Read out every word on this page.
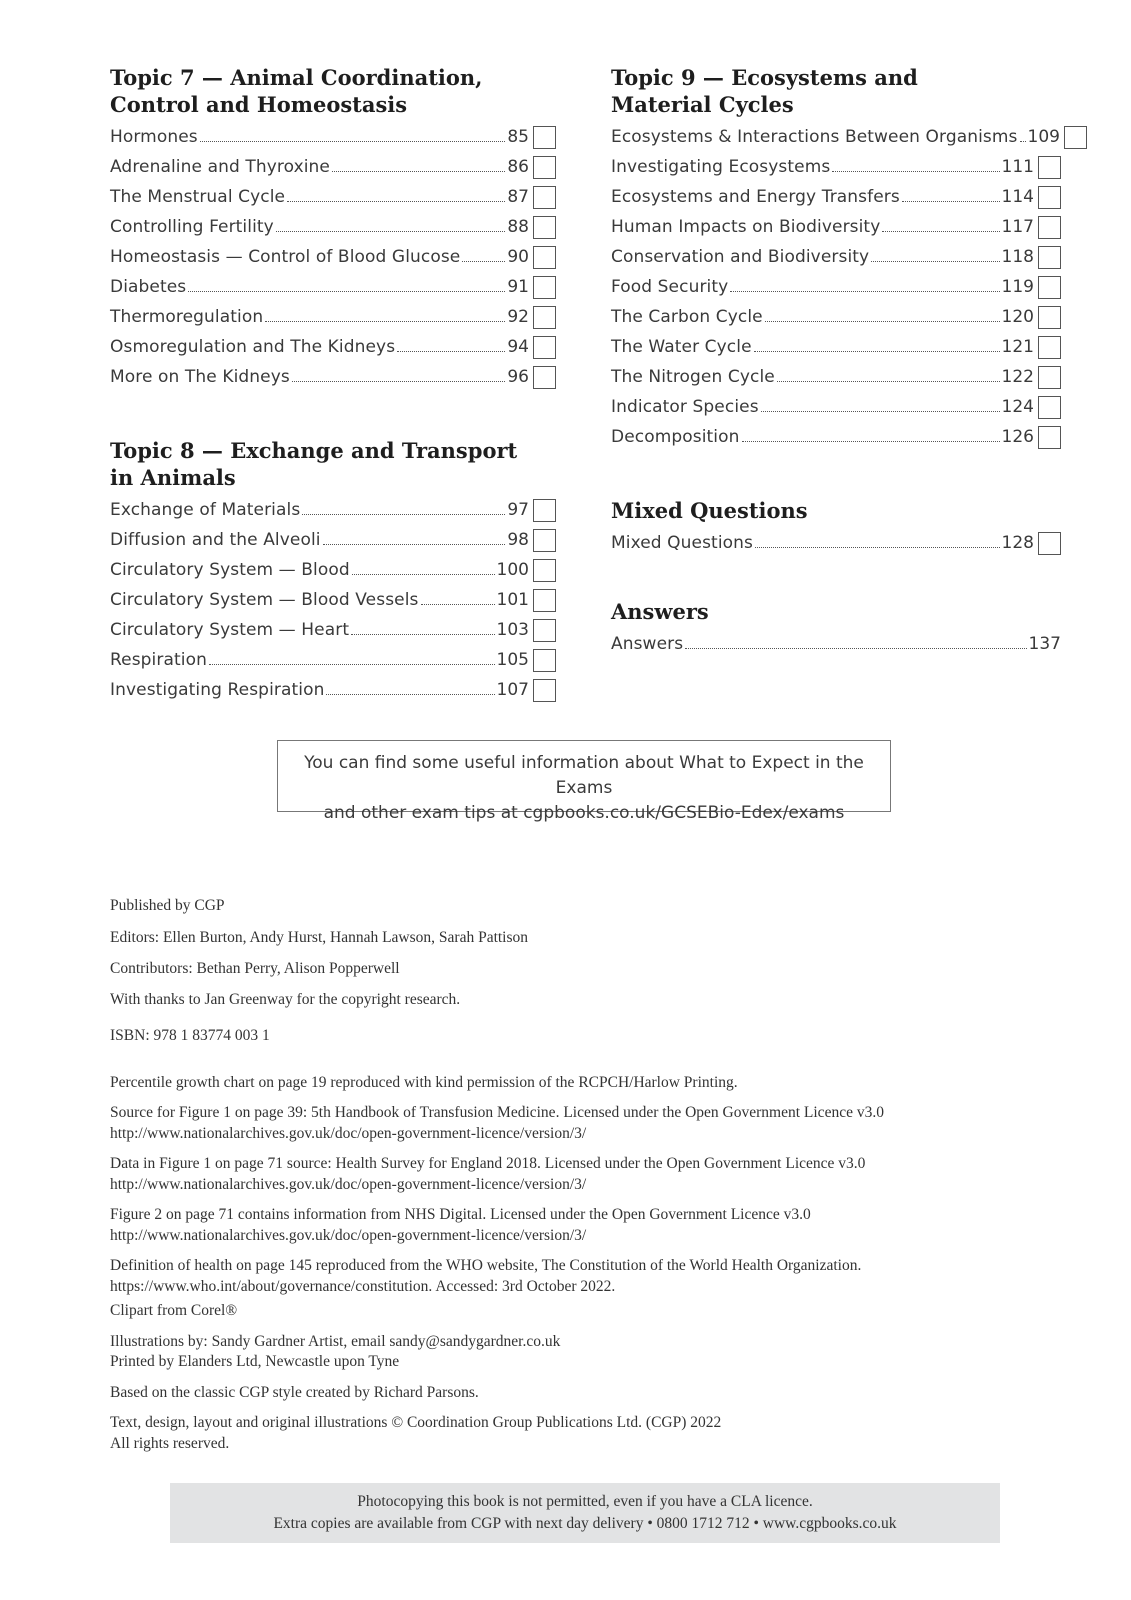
Topic 7 — Animal Coordination,
Control and Homeostasis
Hormones	85
Adrenaline and Thyroxine	86
The Menstrual Cycle	87
Controlling Fertility	88
Homeostasis — Control of Blood Glucose	90
Diabetes	91
Thermoregulation	92
Osmoregulation and The Kidneys	94
More on The Kidneys	96
Topic 8 — Exchange and Transport
in Animals
Exchange of Materials	97
Diffusion and the Alveoli	98
Circulatory System — Blood	100
Circulatory System — Blood Vessels	101
Circulatory System — Heart	103
Respiration	105
Investigating Respiration	107
Topic 9 — Ecosystems and
Material Cycles
Ecosystems & Interactions Between Organisms 109
Investigating Ecosystems	111
Ecosystems and Energy Transfers	114
Human Impacts on Biodiversity	117
Conservation and Biodiversity	118
Food Security	119
The Carbon Cycle	120
The Water Cycle	121
The Nitrogen Cycle	122
Indicator Species	124
Decomposition	126
Mixed Questions
Mixed Questions	128
Answers
Answers	137
You can find some useful information about What to Expect in the Exams
and other exam tips at cgpbooks.co.uk/GCSEBio-Edex/exams

Published by CGP

Editors: Ellen Burton, Andy Hurst, Hannah Lawson, Sarah Pattison

Contributors: Bethan Perry, Alison Popperwell

With thanks to Jan Greenway for the copyright research.

ISBN: 978 1 83774 003 1

Percentile growth chart on page 19 reproduced with kind permission of the RCPCH/Harlow Printing.

Source for Figure 1 on page 39: 5th Handbook of Transfusion Medicine. Licensed under the Open Government Licence v3.0

http://www.nationalarchives.gov.uk/doc/open-government-licence/version/3/

Data in Figure 1 on page 71 source: Health Survey for England 2018. Licensed under the Open Government Licence v3.0

http://www.nationalarchives.gov.uk/doc/open-government-licence/version/3/

Figure 2 on page 71 contains information from NHS Digital. Licensed under the Open Government Licence v3.0

http://www.nationalarchives.gov.uk/doc/open-government-licence/version/3/

Definition of health on page 145 reproduced from the WHO website, The Constitution of the World Health Organization.

https://www.who.int/about/governance/constitution. Accessed: 3rd October 2022.

Clipart from Corel®

Illustrations by: Sandy Gardner Artist, email sandy@sandygardner.co.uk

Printed by Elanders Ltd, Newcastle upon Tyne

Based on the classic CGP style created by Richard Parsons.

Text, design, layout and original illustrations © Coordination Group Publications Ltd. (CGP) 2022

All rights reserved.

Photocopying this book is not permitted, even if you have a CLA licence.
Extra copies are available from CGP with next day delivery • 0800 1712 712 • www.cgpbooks.co.uk
